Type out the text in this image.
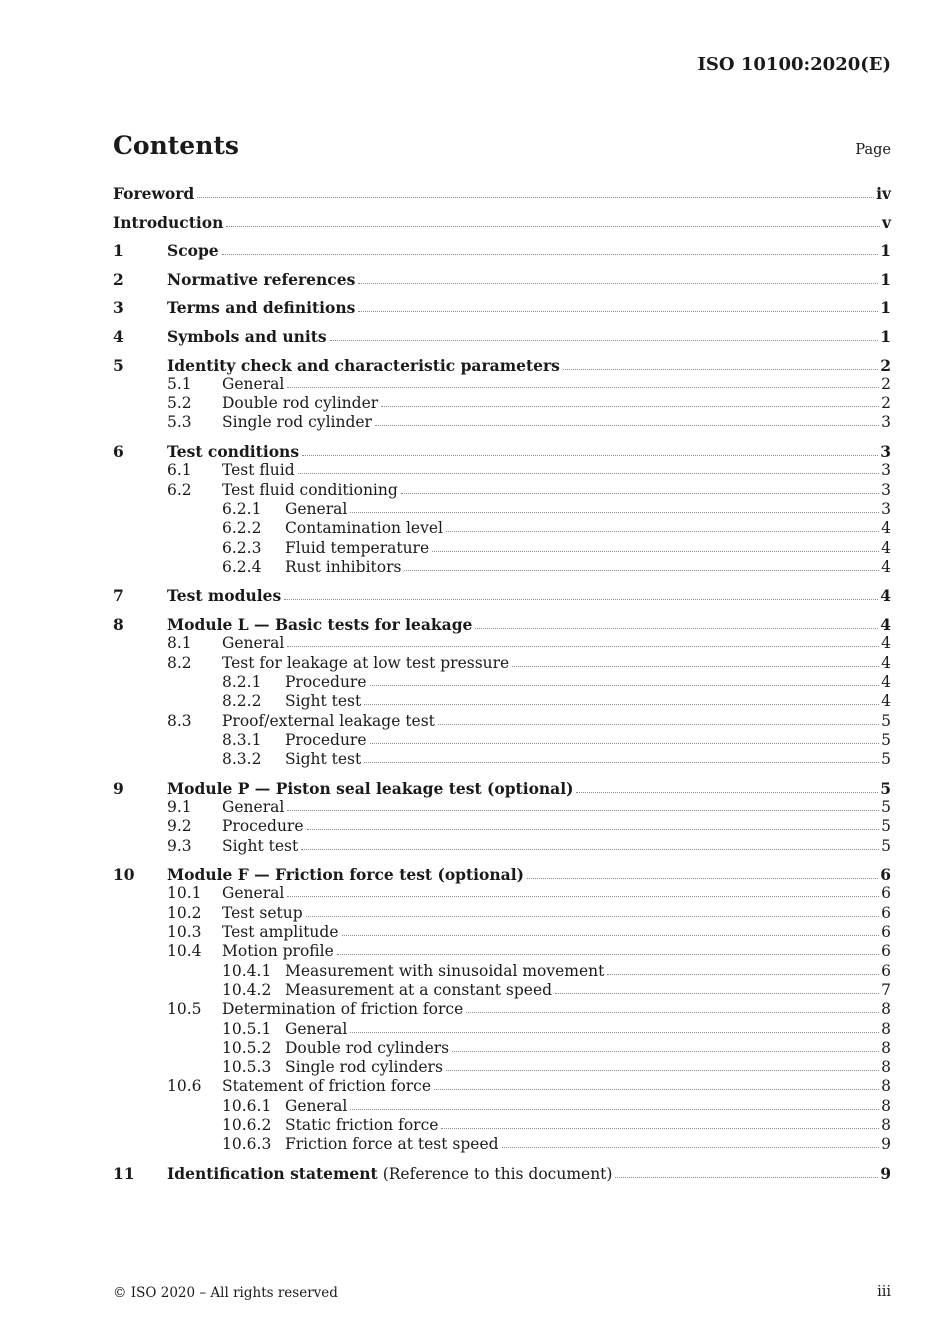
ISO 10100:2020(E)
Contents	Page
Foreword	iv
Introduction	v
1	Scope	1
2	Normative references	1
3	Terms and definitions	1
4	Symbols and units	1
5	Identity check and characteristic parameters	2
5.1	General	2
5.2	Double rod cylinder	2
5.3	Single rod cylinder	3
6	Test conditions	3
6.1	Test fluid	3
6.2	Test fluid conditioning	3
6.2.1	General	3
6.2.2	Contamination level	4
6.2.3	Fluid temperature	4
6.2.4	Rust inhibitors	4
7	Test modules	4
8	Module L — Basic tests for leakage	4
8.1	General	4
8.2	Test for leakage at low test pressure	4
8.2.1	Procedure	4
8.2.2	Sight test	4
8.3	Proof/external leakage test	5
8.3.1	Procedure	5
8.3.2	Sight test	5
9	Module P — Piston seal leakage test (optional)	5
9.1	General	5
9.2	Procedure	5
9.3	Sight test	5
10	Module F — Friction force test (optional)	6
10.1	General	6
10.2	Test setup	6
10.3	Test amplitude	6
10.4	Motion profile	6
10.4.1 Measurement with sinusoidal movement	6
10.4.2 Measurement at a constant speed	7
10.5	Determination of friction force	8
10.5.1 General	8
10.5.2 Double rod cylinders	8
10.5.3 Single rod cylinders	8
10.6	Statement of friction force	8
10.6.1 General	8
10.6.2 Static friction force	8
10.6.3 Friction force at test speed	9
11	Identification statement (Reference to this document)	9
© ISO 2020 – All rights reserved	iii
